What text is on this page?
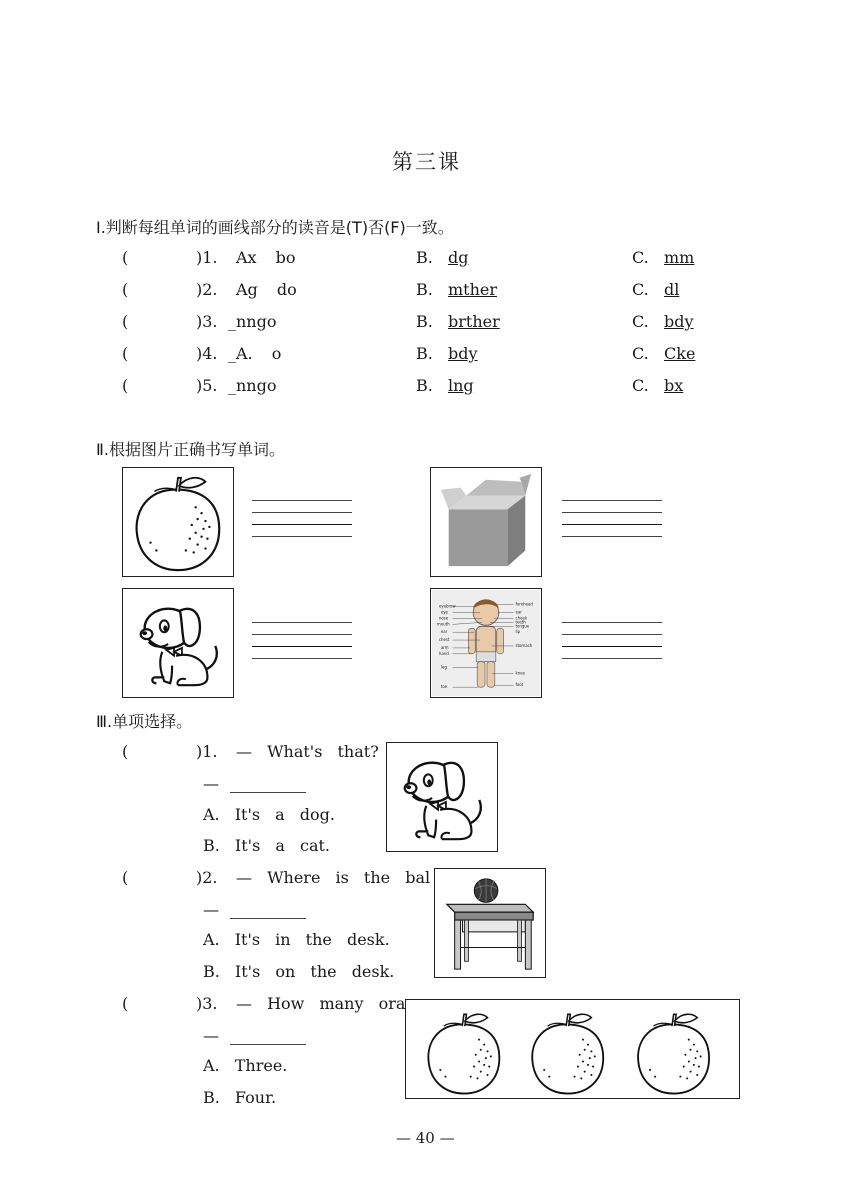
第三课
Ⅰ.判断每组单词的画线部分的读音是(T)否(F)一致。
(	)1. Ax bo	B. dg	C. mm
(	)2. Ag do	B. mther	C. dl
(	)3. _nngo	B. brther	C. bdy
(	)4. _A. o	B. bdy	C. Cke
(	)5. _nngo	B. lng	C. bx
Ⅱ.根据图片正确书写单词。
eyebrow
eye
nose
mouth
ear
chest
arm
hand
leg
toe
forehead
ear
cheek
teeth
tongue
lip
stomach
knee
foot
Ⅲ.单项选择。
(	)1. — What's that?
—
A. It's a dog.
B. It's a cat.
(	)2. — Where is the bal
—
A. It's in the desk.
B. It's on the desk.
(	)3. — How many ora
—
A. Three.
B. Four.
— 40 —
